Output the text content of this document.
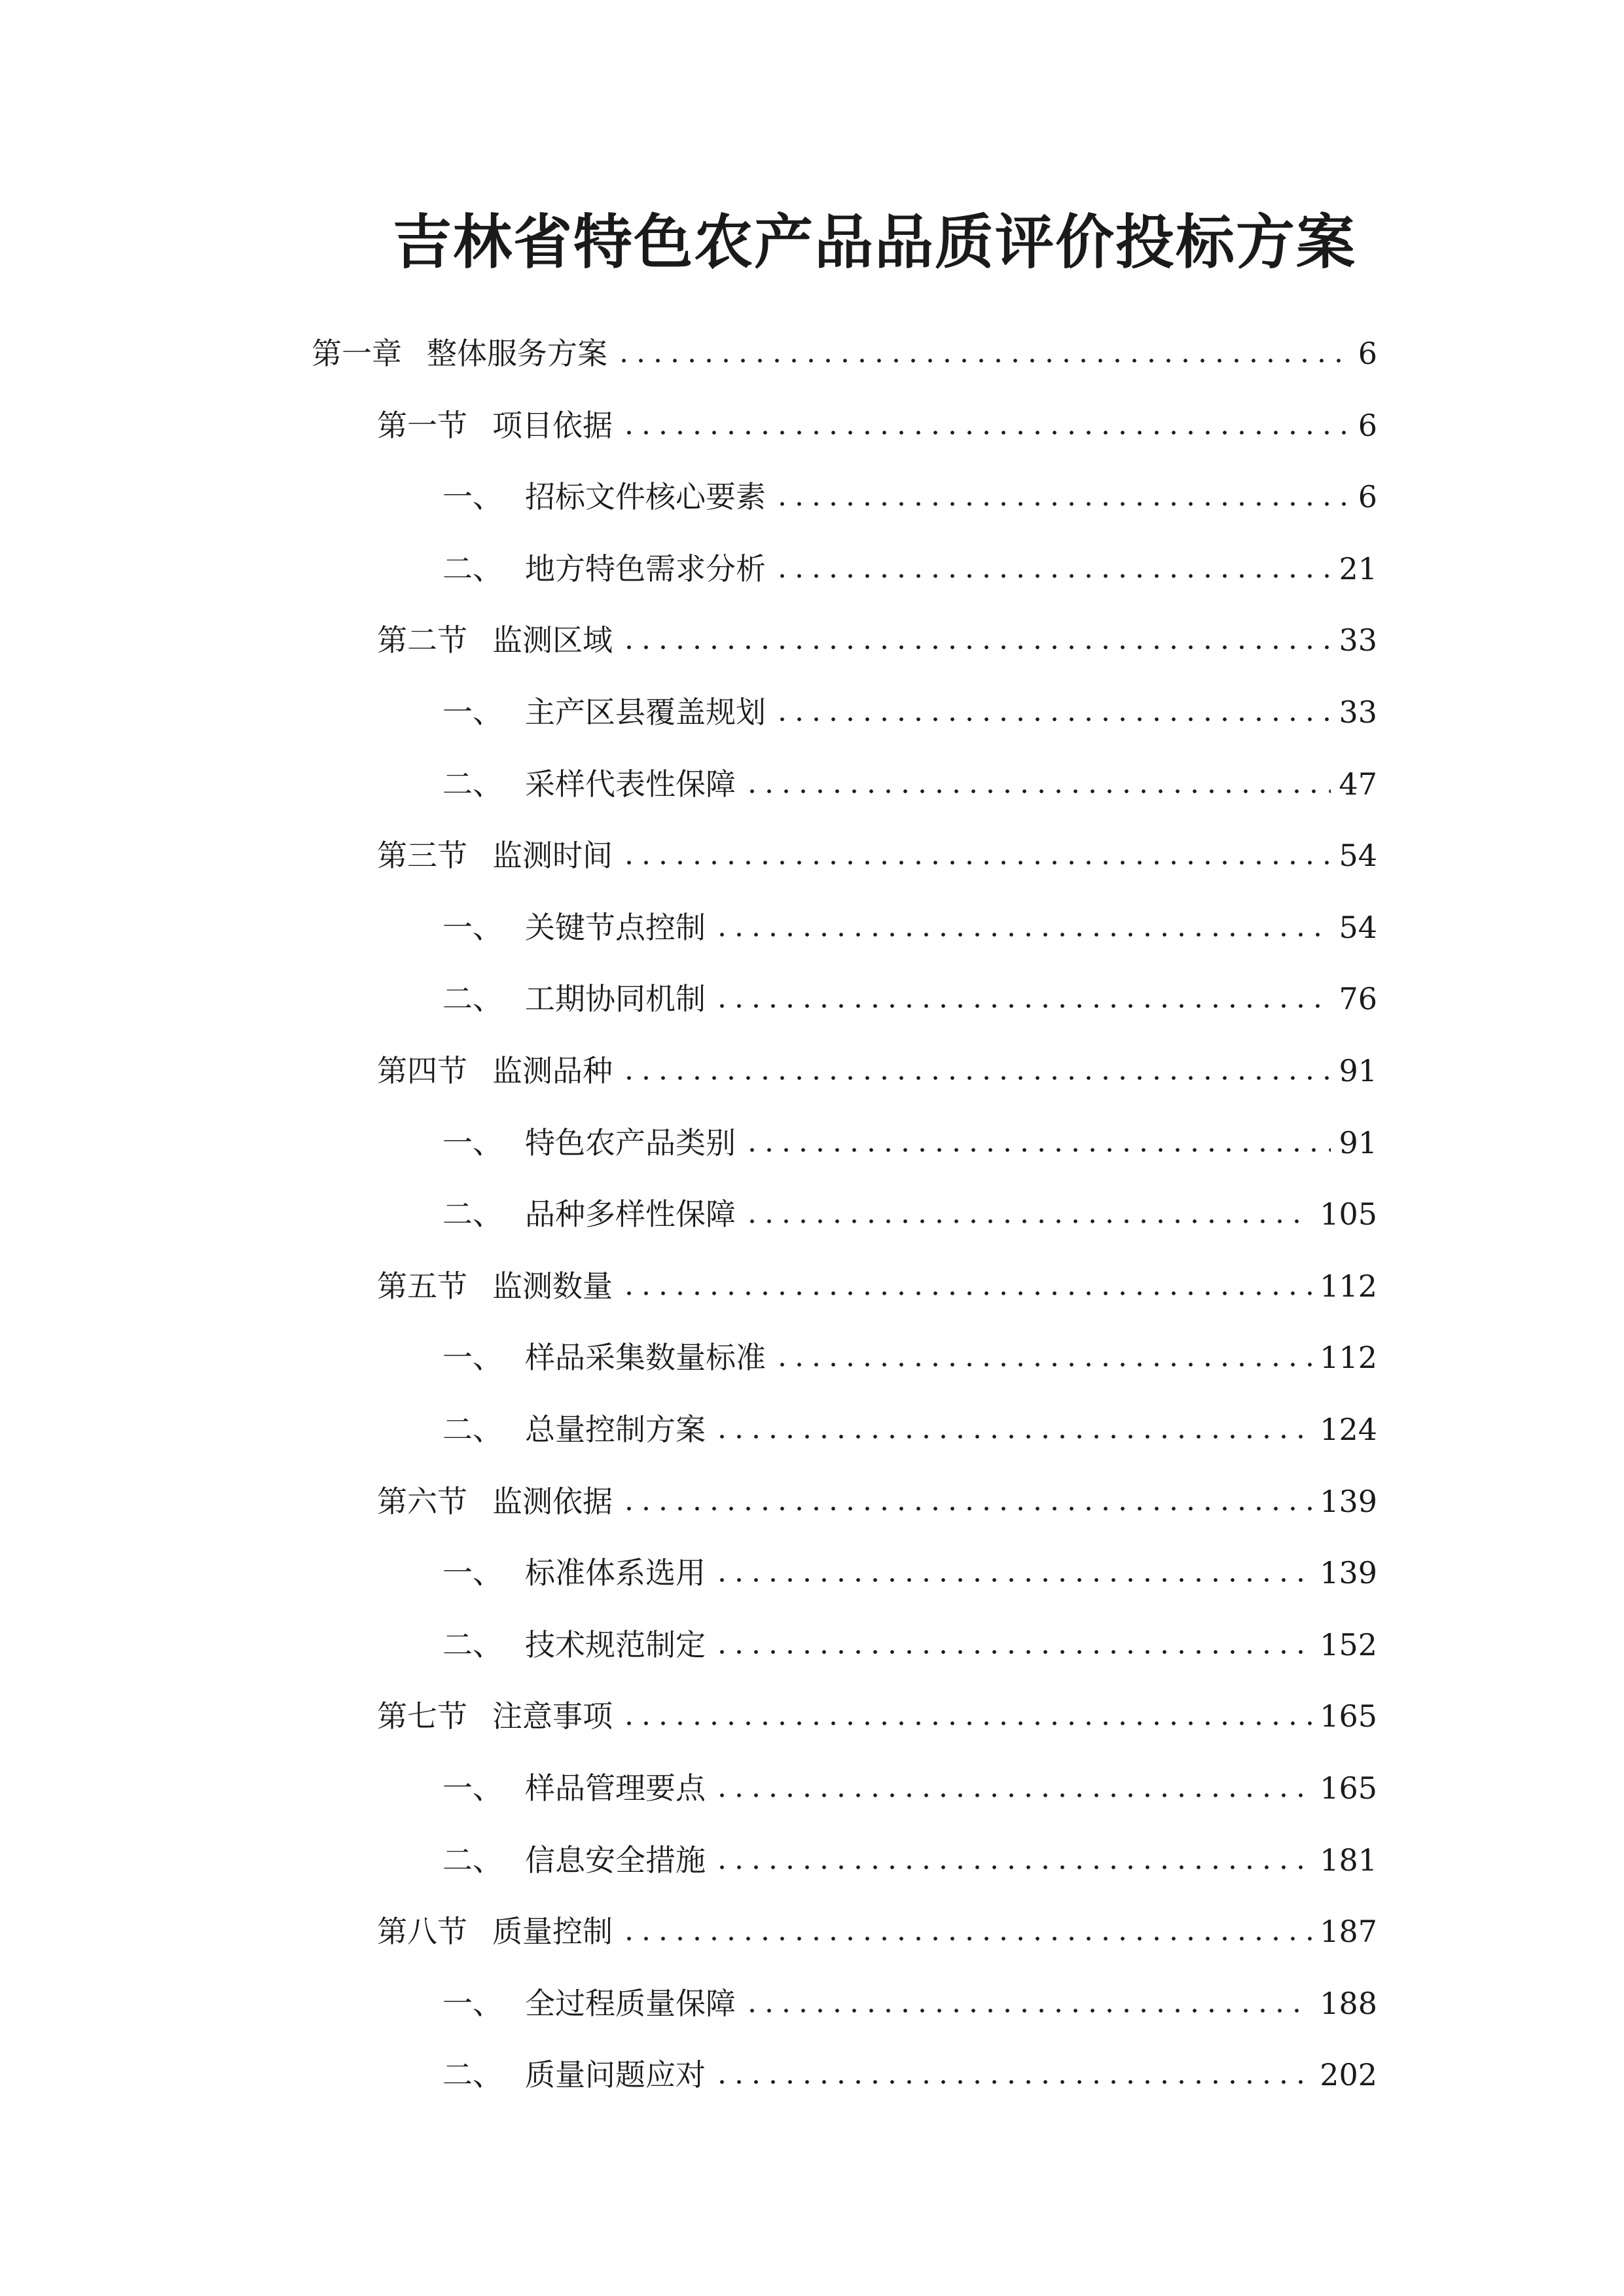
吉林省特色农产品品质评价投标方案
第一章 整体服务方案	6
第一节 项目依据	6
一、 招标文件核心要素	6
二、 地方特色需求分析	21
第二节 监测区域	33
一、 主产区县覆盖规划	33
二、 采样代表性保障	47
第三节 监测时间	54
一、 关键节点控制	54
二、 工期协同机制	76
第四节 监测品种	91
一、 特色农产品类别	91
二、 品种多样性保障	105
第五节 监测数量	112
一、 样品采集数量标准	112
二、 总量控制方案	124
第六节 监测依据	139
一、 标准体系选用	139
二、 技术规范制定	152
第七节 注意事项	165
一、 样品管理要点	165
二、 信息安全措施	181
第八节 质量控制	187
一、 全过程质量保障	188
二、 质量问题应对	202
